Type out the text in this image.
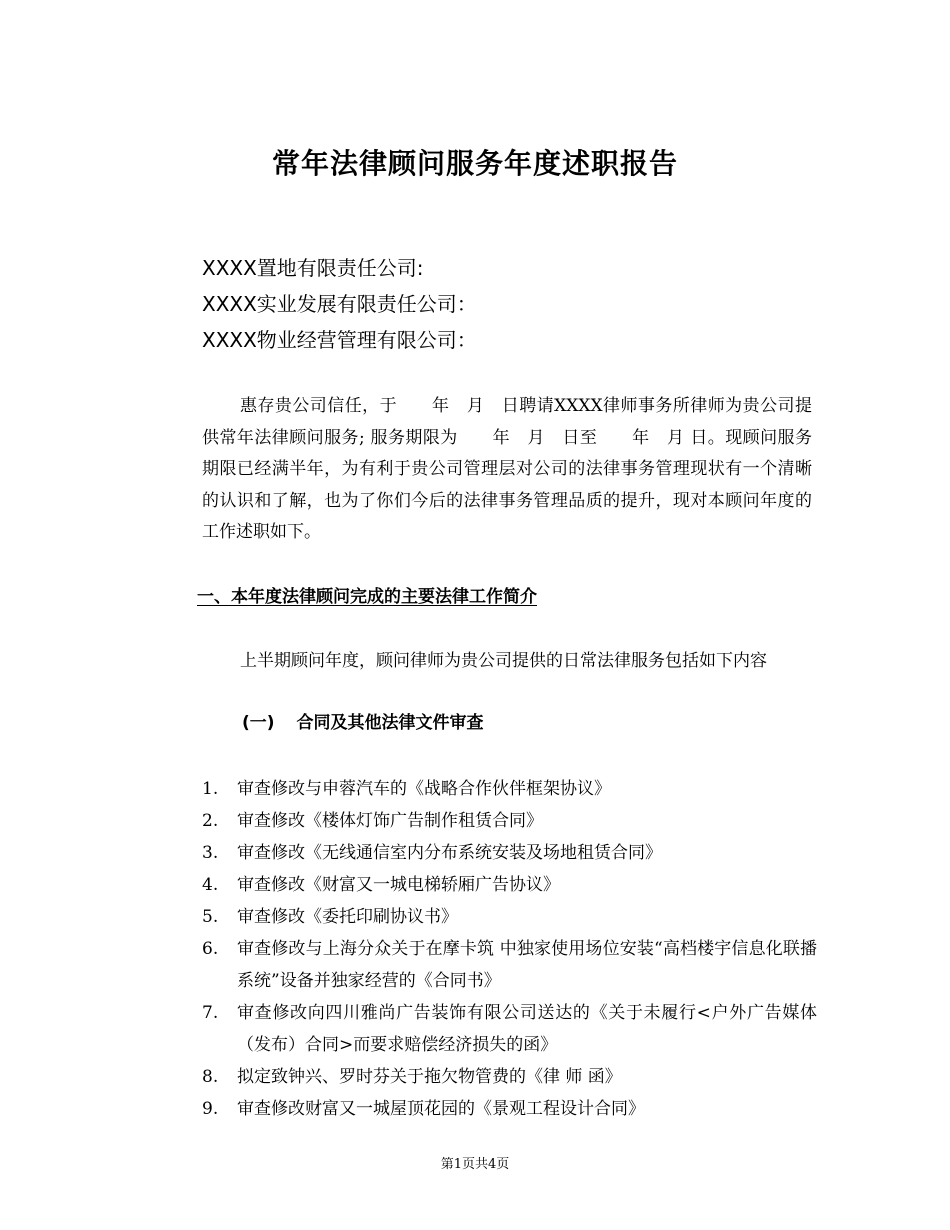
常年法律顾问服务年度述职报告
XXXX置地有限责任公司:
XXXX实业发展有限责任公司：
XXXX物业经营管理有限公司：

惠存贵公司信任，于　　年　月　日聘请XXXX律师事务所律师为贵公司提供常年法律顾问服务; 服务期限为　　年　月　日至　　年　月 日。现顾问服务期限已经满半年，为有利于贵公司管理层对公司的法律事务管理现状有一个清晰的认识和了解，也为了你们今后的法律事务管理品质的提升，现对本顾问年度的工作述职如下。

一、本年度法律顾问完成的主要法律工作简介

上半期顾问年度，顾问律师为贵公司提供的日常法律服务包括如下内容

(一) 合同及其他法律文件审查
1. 审查修改与申蓉汽车的《战略合作伙伴框架协议》
2. 审查修改《楼体灯饰广告制作租赁合同》
3. 审查修改《无线通信室内分布系统安装及场地租赁合同》
4. 审查修改《财富又一城电梯轿厢广告协议》
5. 审查修改《委托印刷协议书》
6. 审查修改与上海分众关于在摩卡筑 中独家使用场位安装“高档楼宇信息化联播系统”设备并独家经营的《合同书》
7. 审查修改向四川雅尚广告装饰有限公司送达的《关于未履行<户外广告媒体（发布）合同>而要求赔偿经济损失的函》
8. 拟定致钟兴、罗时芬关于拖欠物管费的《律 师 函》
9. 审查修改财富又一城屋顶花园的《景观工程设计合同》
第1页共4页
